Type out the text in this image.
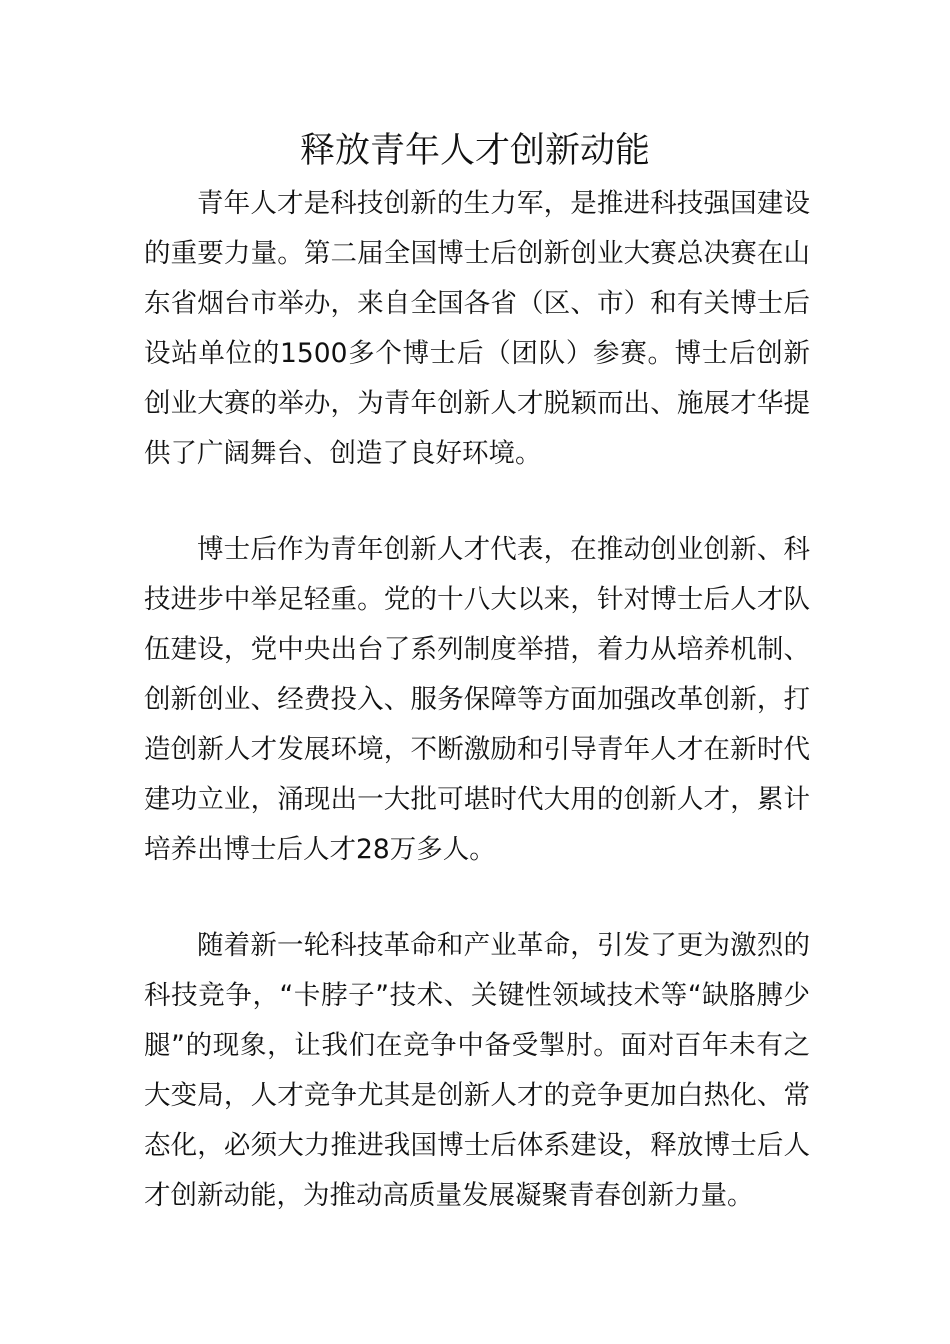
释放青年人才创新动能

青年人才是科技创新的生力军，是推进科技强国建设的重要力量。第二届全国博士后创新创业大赛总决赛在山东省烟台市举办，来自全国各省（区、市）和有关博士后设站单位的1500多个博士后（团队）参赛。博士后创新创业大赛的举办，为青年创新人才脱颖而出、施展才华提供了广阔舞台、创造了良好环境。

博士后作为青年创新人才代表，在推动创业创新、科技进步中举足轻重。党的十八大以来，针对博士后人才队伍建设，党中央出台了系列制度举措，着力从培养机制、创新创业、经费投入、服务保障等方面加强改革创新，打造创新人才发展环境，不断激励和引导青年人才在新时代建功立业，涌现出一大批可堪时代大用的创新人才，累计培养出博士后人才28万多人。

随着新一轮科技革命和产业革命，引发了更为激烈的科技竞争，“卡脖子”技术、关键性领域技术等“缺胳膊少腿”的现象，让我们在竞争中备受掣肘。面对百年未有之大变局，人才竞争尤其是创新人才的竞争更加白热化、常态化，必须大力推进我国博士后体系建设，释放博士后人才创新动能，为推动高质量发展凝聚青春创新力量。
